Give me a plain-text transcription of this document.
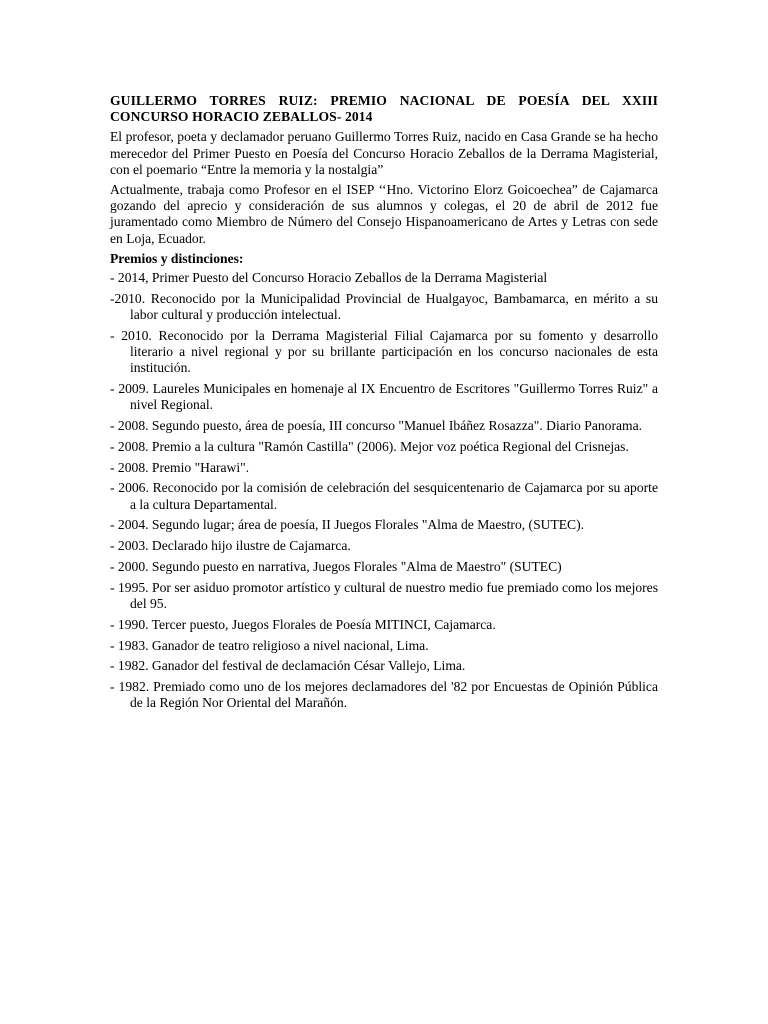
GUILLERMO TORRES RUIZ: PREMIO NACIONAL DE POESÍA DEL XXIII CONCURSO HORACIO ZEBALLOS- 2014

El profesor, poeta y declamador peruano Guillermo Torres Ruiz, nacido en Casa Grande se ha hecho merecedor del Primer Puesto en Poesía del Concurso Horacio Zeballos de la Derrama Magisterial, con el poemario “Entre la memoria y la nostalgia”

Actualmente, trabaja como Profesor en el ISEP ‘‘Hno. Victorino Elorz Goicoechea” de Cajamarca gozando del aprecio y consideración de sus alumnos y colegas, el 20 de abril de 2012 fue juramentado como Miembro de Número del Consejo Hispanoamericano de Artes y Letras con sede en Loja, Ecuador.

Premios y distinciones:

- 2014, Primer Puesto del Concurso Horacio Zeballos de la Derrama Magisterial
-2010. Reconocido por la Municipalidad Provincial de Hualgayoc, Bambamarca, en mérito a su labor cultural y producción intelectual.
- 2010. Reconocido por la Derrama Magisterial Filial Cajamarca por su fomento y desarrollo literario a nivel regional y por su brillante participación en los concurso nacionales de esta institución.
- 2009. Laureles Municipales en homenaje al IX Encuentro de Escritores "Guillermo Torres Ruiz" a nivel Regional.
- 2008. Segundo puesto, área de poesía, III concurso "Manuel Ibáñez Rosazza". Diario Panorama.
- 2008. Premio a la cultura "Ramón Castilla" (2006). Mejor voz poética Regional del Crisnejas.
- 2008. Premio "Harawi".
- 2006. Reconocido por la comisión de celebración del sesquicentenario de Cajamarca por su aporte a la cultura Departamental.
- 2004. Segundo lugar; área de poesía, II Juegos Florales "Alma de Maestro, (SUTEC).
- 2003. Declarado hijo ilustre de Cajamarca.
- 2000. Segundo puesto en narrativa, Juegos Florales "Alma de Maestro" (SUTEC)
- 1995. Por ser asiduo promotor artístico y cultural de nuestro medio fue premiado como los mejores del 95.
- 1990. Tercer puesto, Juegos Florales de Poesía MITINCI, Cajamarca.
- 1983. Ganador de teatro religioso a nivel nacional, Lima.
- 1982. Ganador del festival de declamación César Vallejo, Lima.
- 1982. Premiado como uno de los mejores declamadores del '82 por Encuestas de Opinión Pública de la Región Nor Oriental del Marañón.
